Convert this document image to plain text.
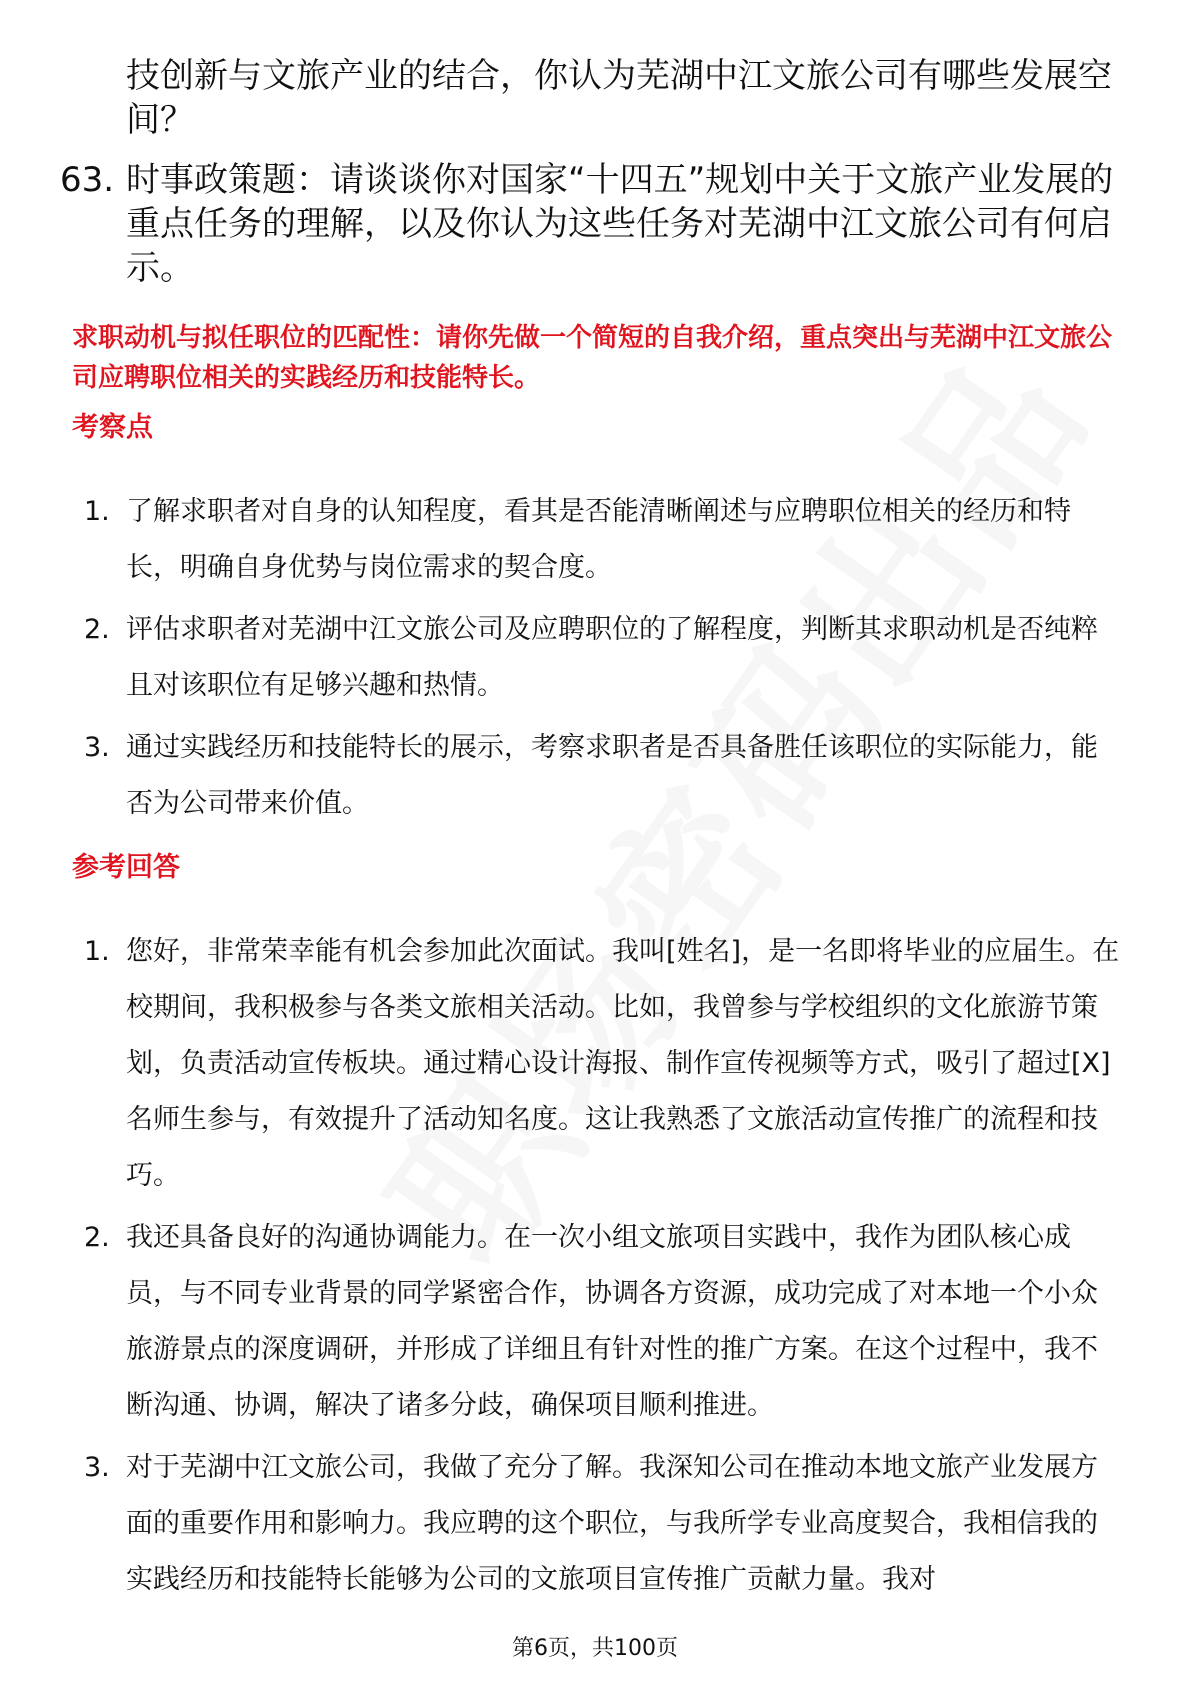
技创新与文旅产业的结合，你认为芜湖中江文旅公司有哪些发展空间？
63. 时事政策题：请谈谈你对国家“十四五”规划中关于文旅产业发展的重点任务的理解，以及你认为这些任务对芜湖中江文旅公司有何启示。
求职动机与拟任职位的匹配性：请你先做一个简短的自我介绍，重点突出与芜湖中江文旅公司应聘职位相关的实践经历和技能特长。
考察点
1. 了解求职者对自身的认知程度，看其是否能清晰阐述与应聘职位相关的经历和特长，明确自身优势与岗位需求的契合度。
2. 评估求职者对芜湖中江文旅公司及应聘职位的了解程度，判断其求职动机是否纯粹且对该职位有足够兴趣和热情。
3. 通过实践经历和技能特长的展示，考察求职者是否具备胜任该职位的实际能力，能否为公司带来价值。
参考回答
1. 您好，非常荣幸能有机会参加此次面试。我叫[姓名]，是一名即将毕业的应届生。在校期间，我积极参与各类文旅相关活动。比如，我曾参与学校组织的文化旅游节策划，负责活动宣传板块。通过精心设计海报、制作宣传视频等方式，吸引了超过[X]名师生参与，有效提升了活动知名度。这让我熟悉了文旅活动宣传推广的流程和技巧。
2. 我还具备良好的沟通协调能力。在一次小组文旅项目实践中，我作为团队核心成员，与不同专业背景的同学紧密合作，协调各方资源，成功完成了对本地一个小众旅游景点的深度调研，并形成了详细且有针对性的推广方案。在这个过程中，我不断沟通、协调，解决了诸多分歧，确保项目顺利推进。
3. 对于芜湖中江文旅公司，我做了充分了解。我深知公司在推动本地文旅产业发展方面的重要作用和影响力。我应聘的这个职位，与我所学专业高度契合，我相信我的实践经历和技能特长能够为公司的文旅项目宣传推广贡献力量。我对
第6页，共100页
